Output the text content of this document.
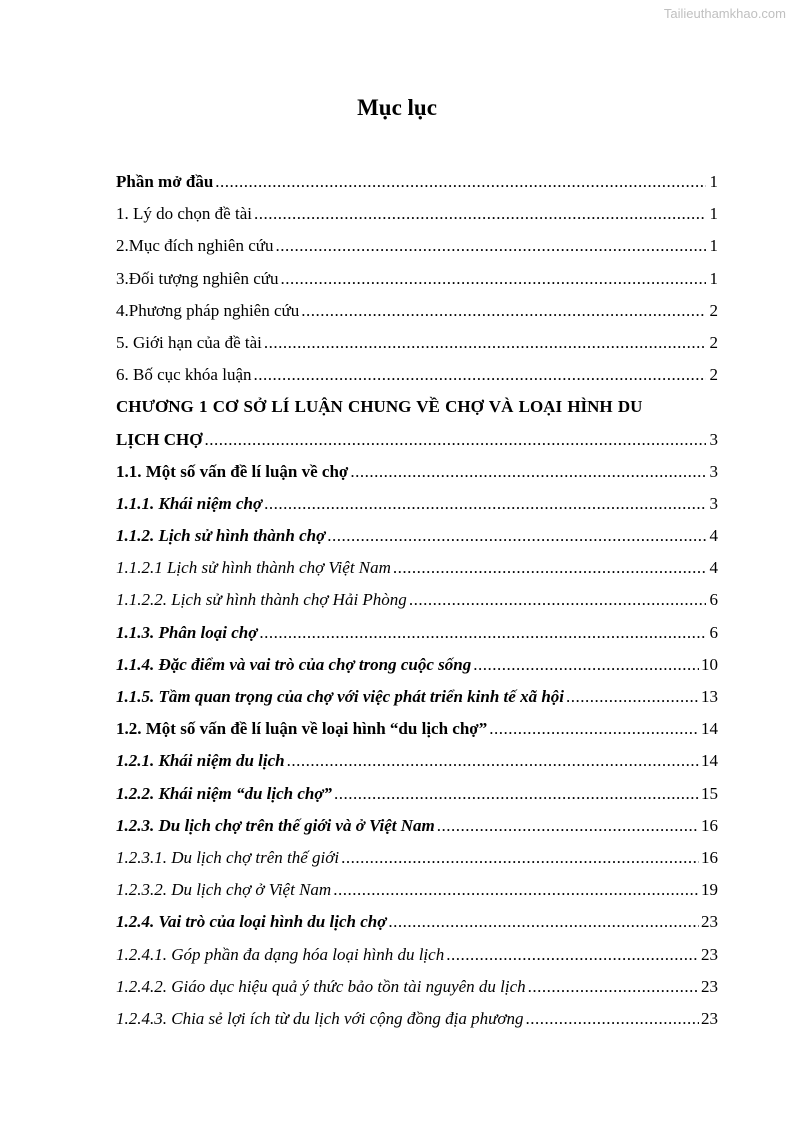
Tailieuthamkhao.com
Mục lục
Phần mở đầu .....	1
1. Lý do chọn đề tài .....	1
2.Mục đích nghiên cứu .....	1
3.Đối tượng nghiên cứu .....	1
4.Phương pháp nghiên cứu .....	2
5. Giới hạn của đề tài .....	2
6. Bố cục khóa luận .....	2
CHƯƠNG 1 CƠ SỞ LÍ LUẬN CHUNG VỀ CHỢ VÀ LOẠI HÌNH DU
LỊCH CHỢ .....	3
1.1. Một số vấn đề lí luận về chợ .....	3
1.1.1. Khái niệm chợ .....	3
1.1.2. Lịch sử hình thành chợ .....	4
1.1.2.1 Lịch sử hình thành chợ Việt Nam .....	4
1.1.2.2. Lịch sử hình thành chợ Hải Phòng .....	6
1.1.3. Phân loại chợ .....	6
1.1.4. Đặc điểm và vai trò của chợ trong cuộc sống .....	10
1.1.5. Tầm quan trọng của chợ với việc phát triển kinh tế xã hội .....	13
1.2. Một số vấn đề lí luận về loại hình “du lịch chợ” .....	14
1.2.1. Khái niệm du lịch .....	14
1.2.2. Khái niệm “du lịch chợ” .....	15
1.2.3. Du lịch chợ trên thế giới và ở Việt Nam .....	16
1.2.3.1. Du lịch chợ trên thế giới .....	16
1.2.3.2. Du lịch chợ ở Việt Nam .....	19
1.2.4. Vai trò của loại hình du lịch chợ .....	23
1.2.4.1. Góp phần đa dạng hóa loại hình du lịch .....	23
1.2.4.2. Giáo dục hiệu quả ý thức bảo tồn tài nguyên du lịch .....	23
1.2.4.3. Chia sẻ lợi ích từ du lịch với cộng đồng địa phương .....	23
